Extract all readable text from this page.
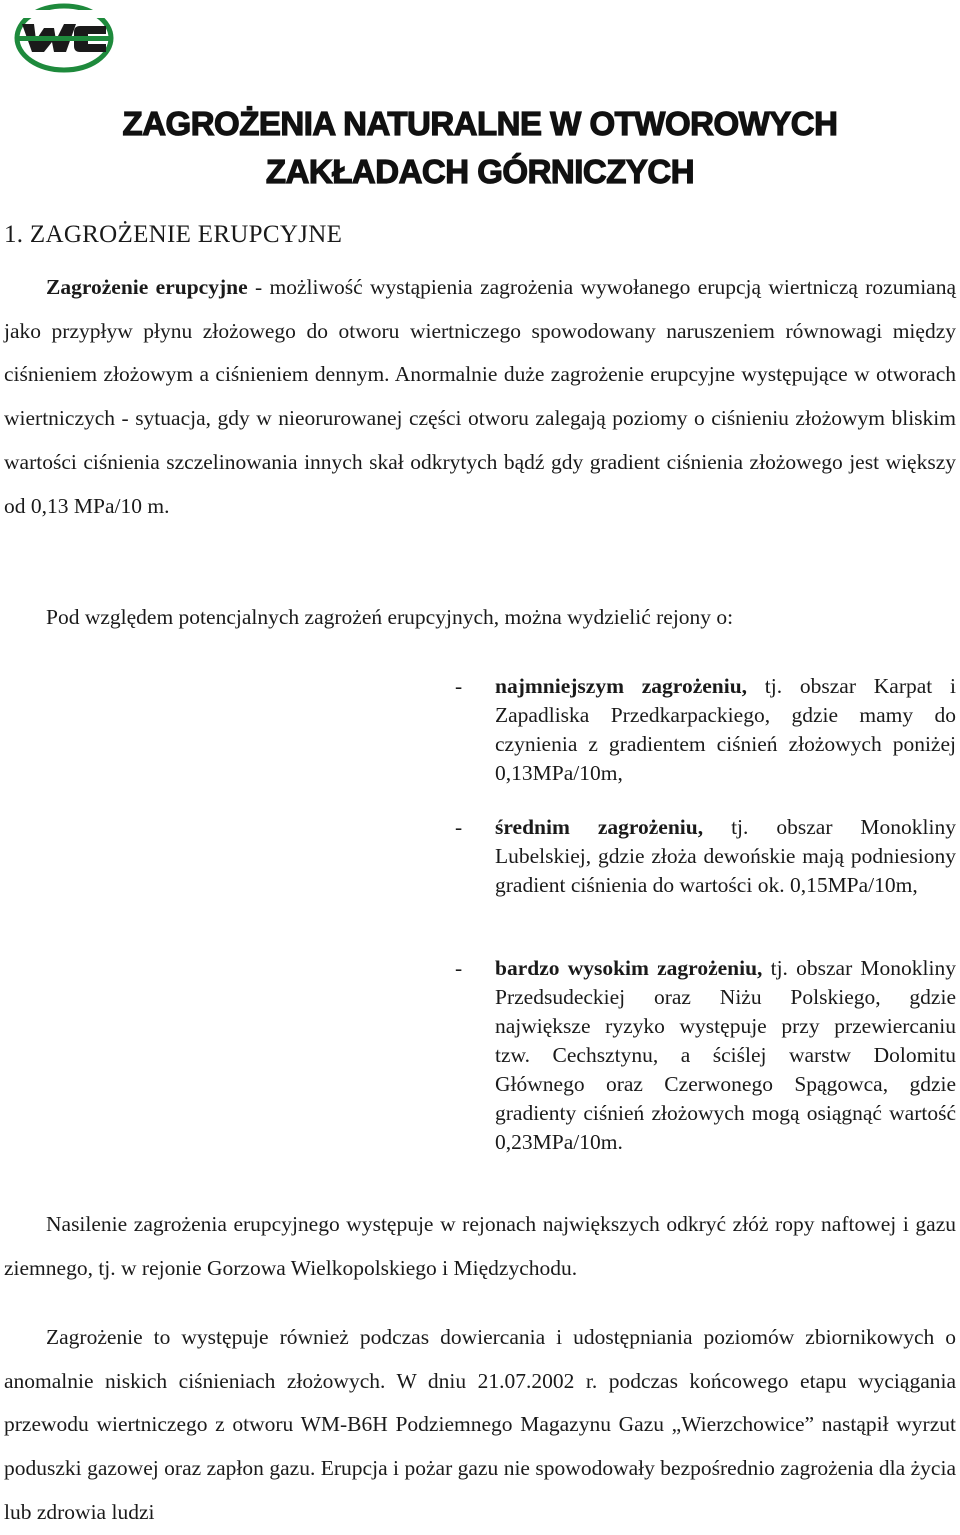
ZAGROŻENIA NATURALNE W OTWOROWYCH
ZAKŁADACH GÓRNICZYCH
1. ZAGROŻENIE ERUPCYJNE
Zagrożenie erupcyjne - możliwość wystąpienia zagrożenia wywołanego erupcją wiertniczą rozumianą jako przypływ płynu złożowego do otworu wiertniczego spowodowany naruszeniem równowagi między ciśnieniem złożowym a ciśnieniem dennym. Anormalnie duże zagrożenie erupcyjne występujące w otworach wiertniczych - sytuacja, gdy w nieorurowanej części otworu zalegają poziomy o ciśnieniu złożowym bliskim wartości ciśnienia szczelinowania innych skał odkrytych bądź gdy gradient ciśnienia złożowego jest większy od 0,13 MPa/10 m.
Pod względem potencjalnych zagrożeń erupcyjnych, można wydzielić rejony o:
- najmniejszym zagrożeniu, tj. obszar Karpat i Zapadliska Przedkarpackiego, gdzie mamy do czynienia z gradientem ciśnień złożowych poniżej 0,13MPa/10m,
- średnim zagrożeniu, tj. obszar Monokliny Lubelskiej, gdzie złoża dewońskie mają podniesiony gradient ciśnienia do wartości ok. 0,15MPa/10m,
- bardzo wysokim zagrożeniu, tj. obszar Monokliny Przedsudeckiej oraz Niżu Polskiego, gdzie największe ryzyko występuje przy przewiercaniu tzw. Cechsztynu, a ściślej warstw Dolomitu Głównego oraz Czerwonego Spągowca, gdzie gradienty ciśnień złożowych mogą osiągnąć wartość 0,23MPa/10m.
Nasilenie zagrożenia erupcyjnego występuje w rejonach największych odkryć złóż ropy naftowej i gazu ziemnego, tj. w rejonie Gorzowa Wielkopolskiego i Międzychodu.
Zagrożenie to występuje również podczas dowiercania i udostępniania poziomów zbiornikowych o anomalnie niskich ciśnieniach złożowych. W dniu 21.07.2002 r. podczas końcowego etapu wyciągania przewodu wiertniczego z otworu WM-B6H Podziemnego Magazynu Gazu „Wierzchowice” nastąpił wyrzut poduszki gazowej oraz zapłon gazu. Erupcja i pożar gazu nie spowodowały bezpośrednio zagrożenia dla życia lub zdrowia ludzi
